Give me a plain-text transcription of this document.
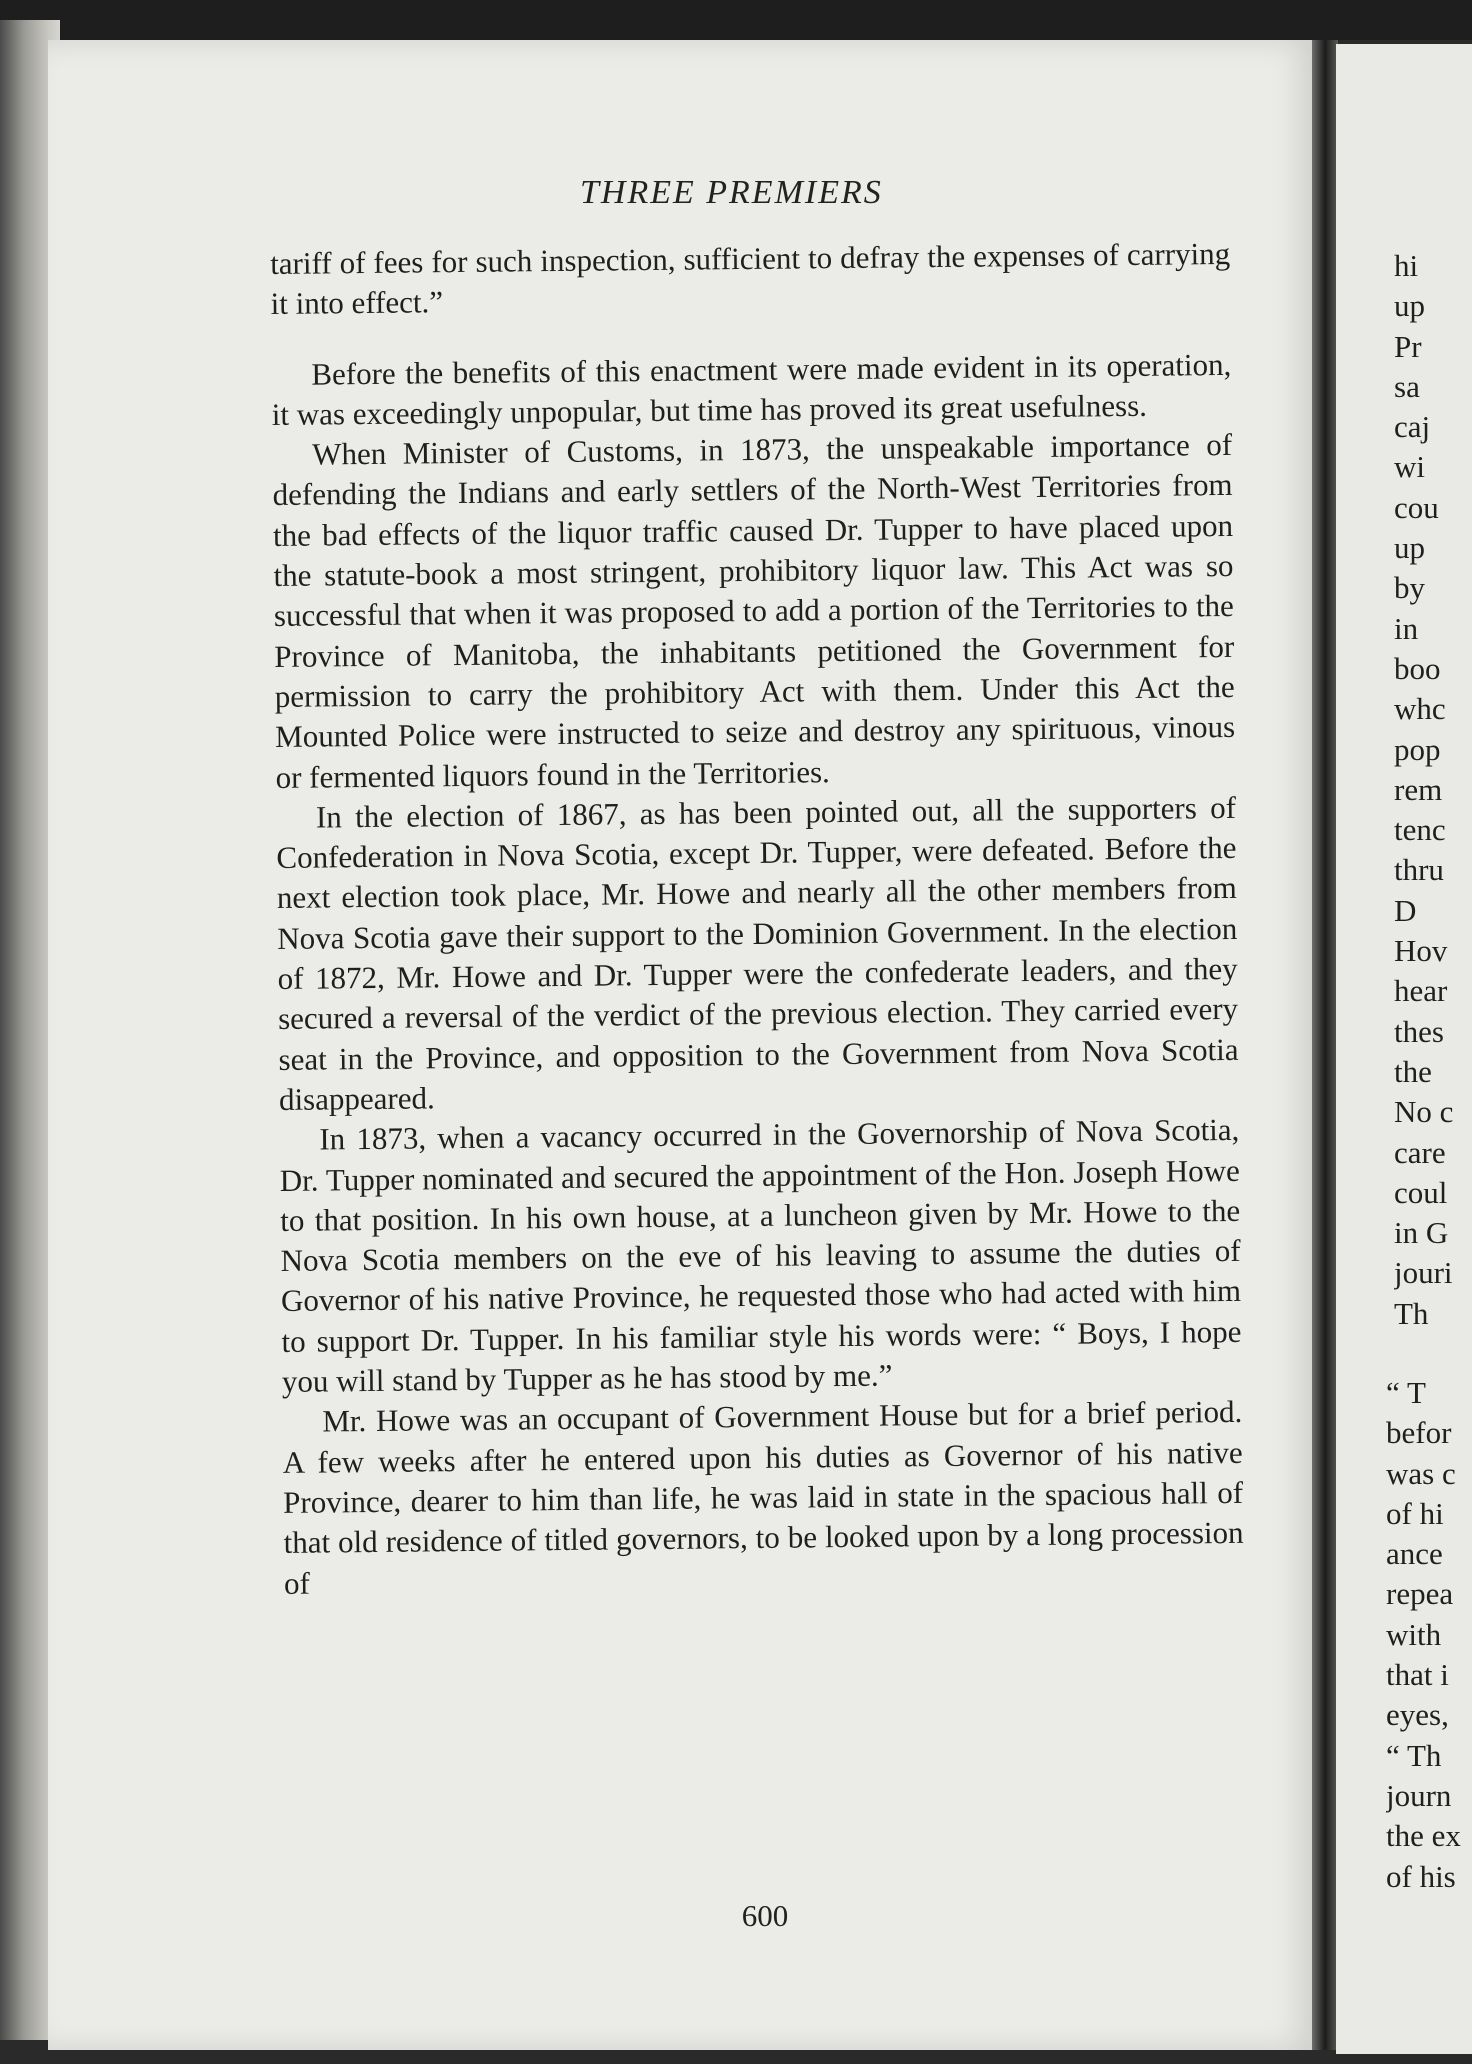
THREE PREMIERS

tariff of fees for such inspection, sufficient to defray the expenses of carrying it into effect.”

Before the benefits of this enactment were made evident in its operation, it was exceedingly unpopular, but time has proved its great usefulness.

When Minister of Customs, in 1873, the unspeakable importance of defending the Indians and early settlers of the North-West Territories from the bad effects of the liquor traffic caused Dr. Tupper to have placed upon the statute-book a most stringent, prohibitory liquor law. This Act was so successful that when it was proposed to add a portion of the Territories to the Province of Manitoba, the inhabitants petitioned the Government for permission to carry the prohibitory Act with them. Under this Act the Mounted Police were instructed to seize and destroy any spirituous, vinous or fermented liquors found in the Territories.

In the election of 1867, as has been pointed out, all the supporters of Confederation in Nova Scotia, except Dr. Tupper, were defeated. Before the next election took place, Mr. Howe and nearly all the other members from Nova Scotia gave their support to the Dominion Government. In the election of 1872, Mr. Howe and Dr. Tupper were the confederate leaders, and they secured a reversal of the verdict of the previous election. They carried every seat in the Province, and opposition to the Government from Nova Scotia disappeared.

In 1873, when a vacancy occurred in the Governorship of Nova Scotia, Dr. Tupper nominated and secured the appointment of the Hon. Joseph Howe to that position. In his own house, at a luncheon given by Mr. Howe to the Nova Scotia members on the eve of his leaving to assume the duties of Governor of his native Province, he requested those who had acted with him to support Dr. Tupper. In his familiar style his words were: “ Boys, I hope you will stand by Tupper as he has stood by me.”

Mr. Howe was an occupant of Government House but for a brief period. A few weeks after he entered upon his duties as Governor of his native Province, dearer to him than life, he was laid in state in the spacious hall of that old residence of titled governors, to be looked upon by a long procession of

600
hi
up
Pr
sa
caj
wi
cou
up
by
in
boo
whc
pop
rem
tenc
thru
D
Hov
hear
thes
the
No c
care
coul
in G
jouri
Th
“ T
befor
was c
of hi
ance
repea
with
that i
eyes,
“ Th
journ
the ex
of his
